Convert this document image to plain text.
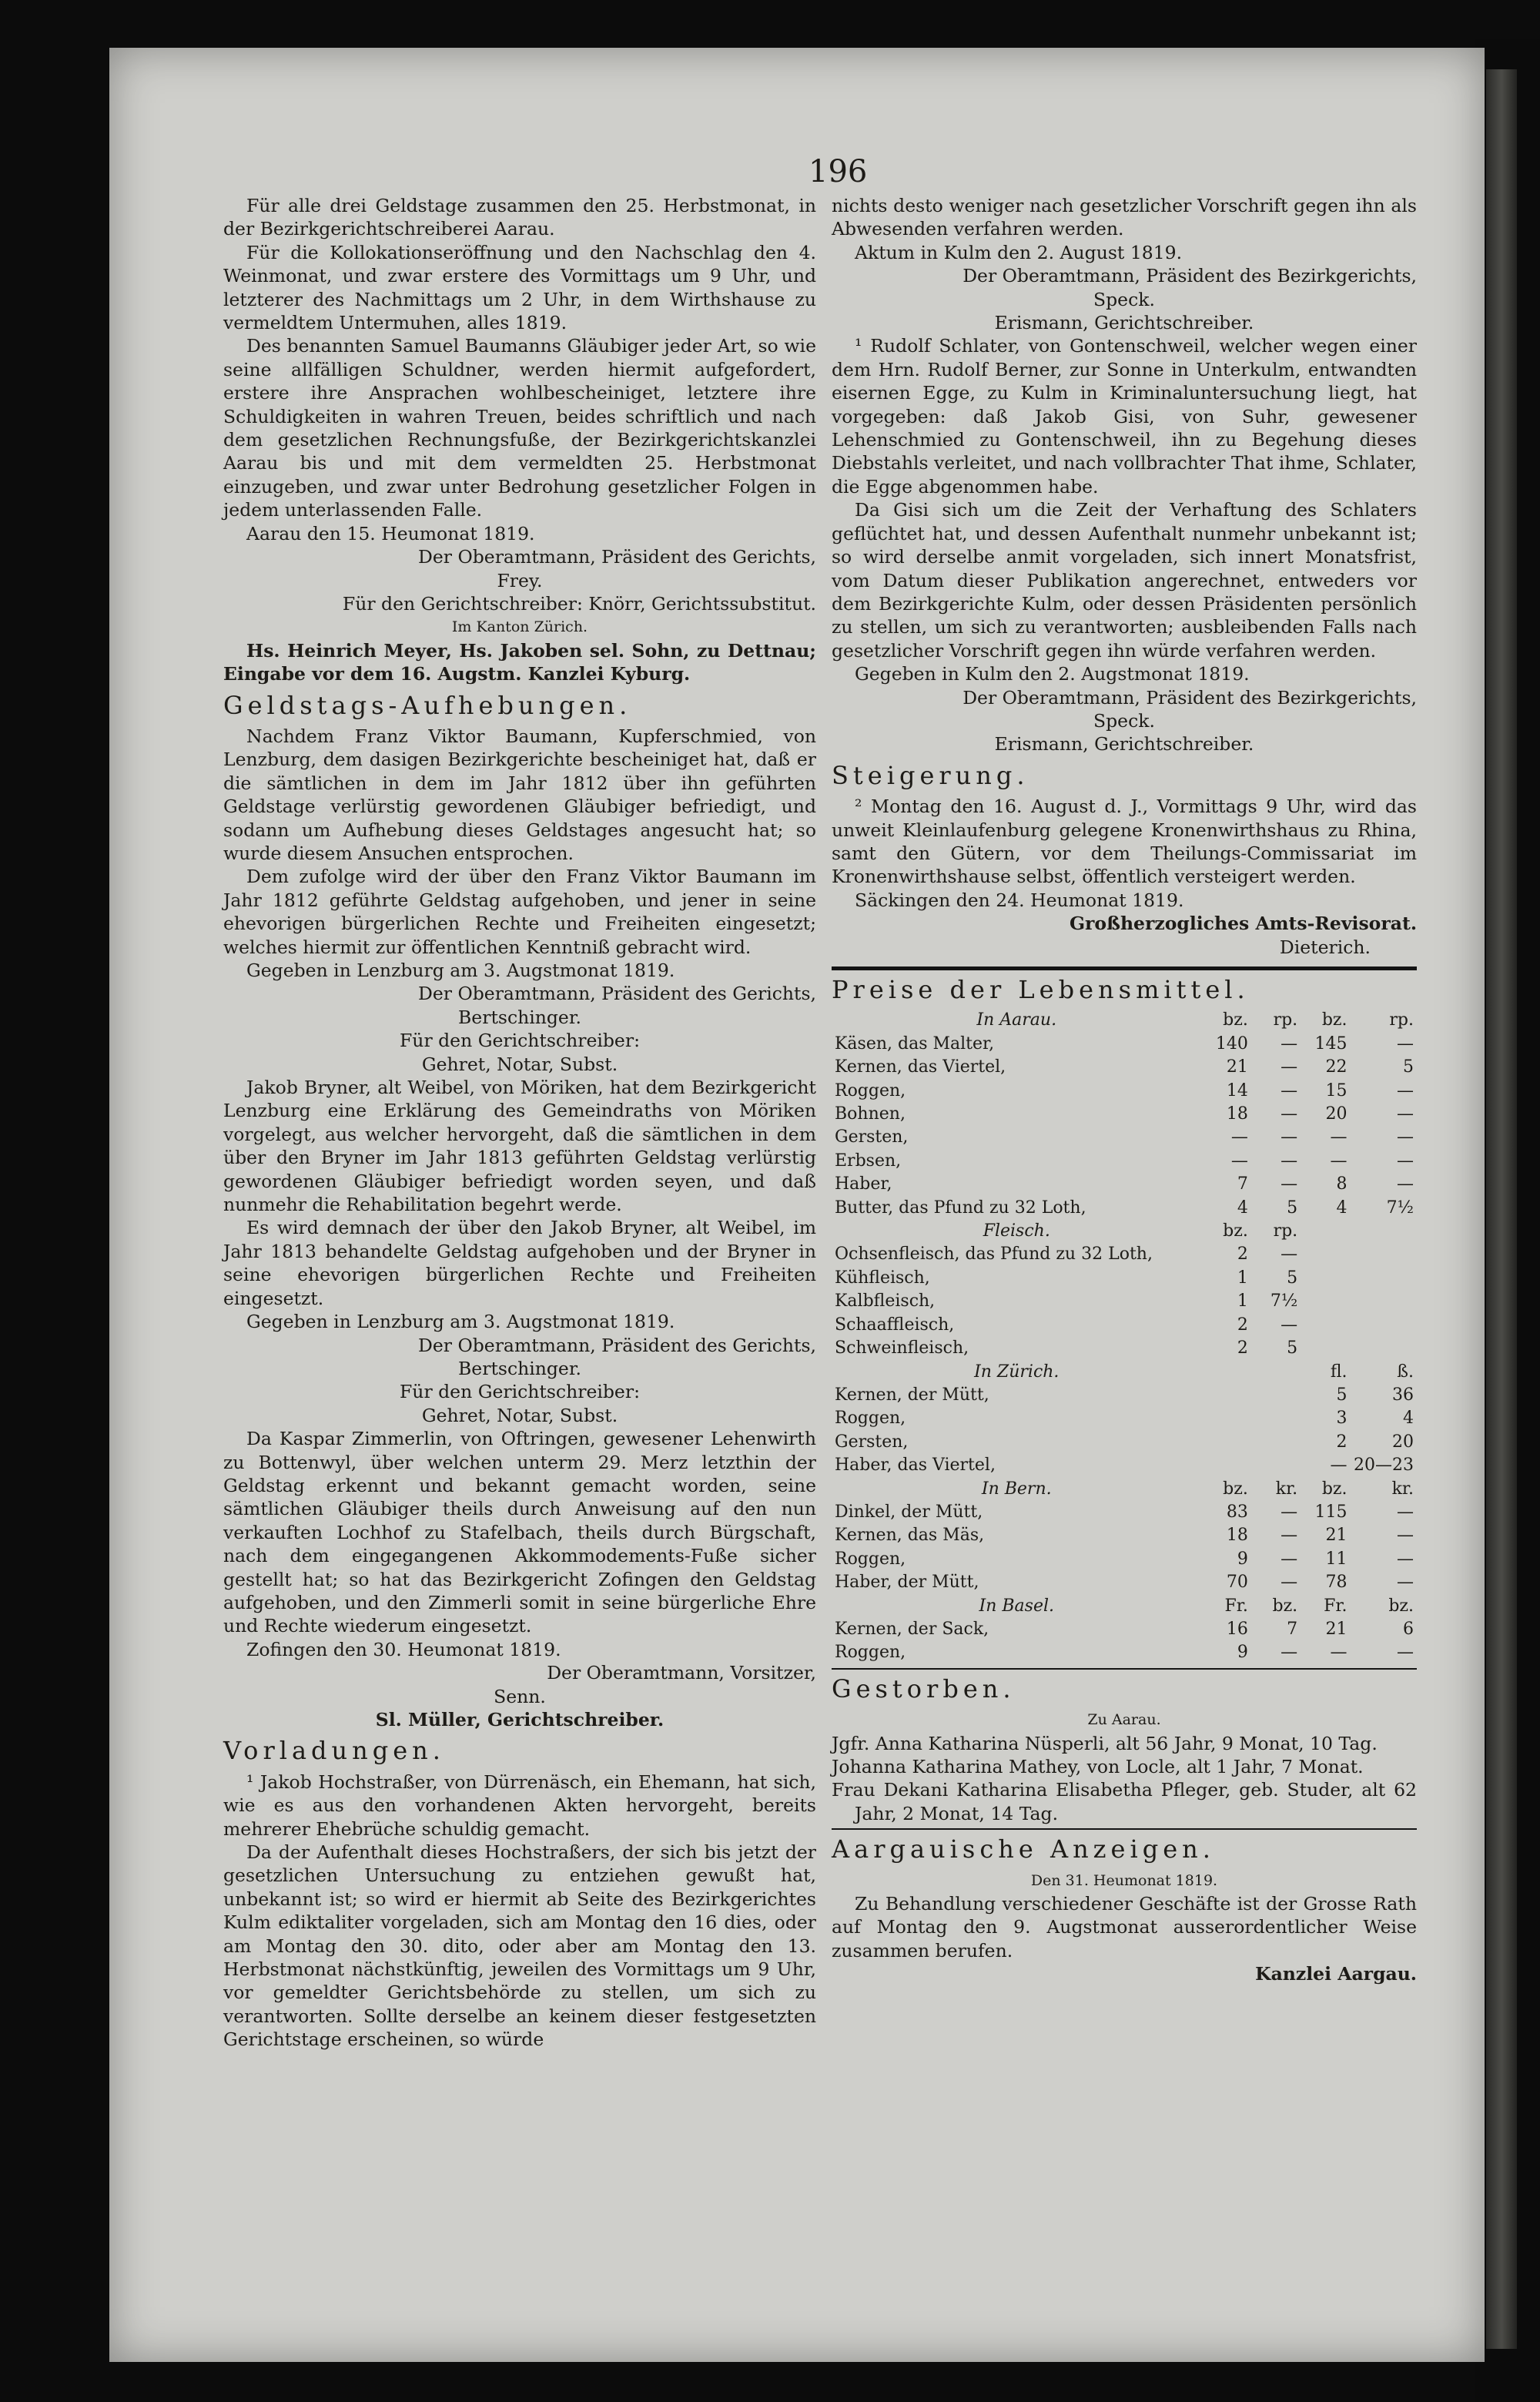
196

Für alle drei Geldstage zusammen den 25. Herbstmonat, in der Bezirkgerichtschreiberei Aarau.

Für die Kollokationseröffnung und den Nachschlag den 4. Weinmonat, und zwar erstere des Vormittags um 9 Uhr, und letzterer des Nachmittags um 2 Uhr, in dem Wirthshause zu vermeldtem Untermuhen, alles 1819.

Des benannten Samuel Baumanns Gläubiger jeder Art, so wie seine allfälligen Schuldner, werden hiermit aufgefordert, erstere ihre Ansprachen wohlbescheiniget, letztere ihre Schuldigkeiten in wahren Treuen, beides schriftlich und nach dem gesetzlichen Rechnungsfuße, der Bezirkgerichtskanzlei Aarau bis und mit dem vermeldten 25. Herbstmonat einzugeben, und zwar unter Bedrohung gesetzlicher Folgen in jedem unterlassenden Falle.

Aarau den 15. Heumonat 1819.

Der Oberamtmann, Präsident des Gerichts,

Frey.

Für den Gerichtschreiber: Knörr, Gerichtssubstitut.

Im Kanton Zürich.

Hs. Heinrich Meyer, Hs. Jakoben sel. Sohn, zu Dettnau; Eingabe vor dem 16. Augstm. Kanzlei Kyburg.

Geldstags-Aufhebungen.

Nachdem Franz Viktor Baumann, Kupferschmied, von Lenzburg, dem dasigen Bezirkgerichte bescheiniget hat, daß er die sämtlichen in dem im Jahr 1812 über ihn geführten Geldstage verlürstig gewordenen Gläubiger befriedigt, und sodann um Aufhebung dieses Geldstages angesucht hat; so wurde diesem Ansuchen entsprochen.

Dem zufolge wird der über den Franz Viktor Baumann im Jahr 1812 geführte Geldstag aufgehoben, und jener in seine ehevorigen bürgerlichen Rechte und Freiheiten eingesetzt; welches hiermit zur öffentlichen Kenntniß gebracht wird.

Gegeben in Lenzburg am 3. Augstmonat 1819.

Der Oberamtmann, Präsident des Gerichts,

Bertschinger.

Für den Gerichtschreiber:

Gehret, Notar, Subst.

Jakob Bryner, alt Weibel, von Möriken, hat dem Bezirkgericht Lenzburg eine Erklärung des Gemeindraths von Möriken vorgelegt, aus welcher hervorgeht, daß die sämtlichen in dem über den Bryner im Jahr 1813 geführten Geldstag verlürstig gewordenen Gläubiger befriedigt worden seyen, und daß nunmehr die Rehabilitation begehrt werde.

Es wird demnach der über den Jakob Bryner, alt Weibel, im Jahr 1813 behandelte Geldstag aufgehoben und der Bryner in seine ehevorigen bürgerlichen Rechte und Freiheiten eingesetzt.

Gegeben in Lenzburg am 3. Augstmonat 1819.

Der Oberamtmann, Präsident des Gerichts,

Bertschinger.

Für den Gerichtschreiber:

Gehret, Notar, Subst.

Da Kaspar Zimmerlin, von Oftringen, gewesener Lehenwirth zu Bottenwyl, über welchen unterm 29. Merz letzthin der Geldstag erkennt und bekannt gemacht worden, seine sämtlichen Gläubiger theils durch Anweisung auf den nun verkauften Lochhof zu Stafelbach, theils durch Bürgschaft, nach dem eingegangenen Akkommodements-Fuße sicher gestellt hat; so hat das Bezirkgericht Zofingen den Geldstag aufgehoben, und den Zimmerli somit in seine bürgerliche Ehre und Rechte wiederum eingesetzt.

Zofingen den 30. Heumonat 1819.

Der Oberamtmann, Vorsitzer,

Senn.

Sl. Müller, Gerichtschreiber.

Vorladungen.

¹ Jakob Hochstraßer, von Dürrenäsch, ein Ehemann, hat sich, wie es aus den vorhandenen Akten hervorgeht, bereits mehrerer Ehebrüche schuldig gemacht.

Da der Aufenthalt dieses Hochstraßers, der sich bis jetzt der gesetzlichen Untersuchung zu entziehen gewußt hat, unbekannt ist; so wird er hiermit ab Seite des Bezirkgerichtes Kulm ediktaliter vorgeladen, sich am Montag den 16 dies, oder am Montag den 30. dito, oder aber am Montag den 13. Herbstmonat nächstkünftig, jeweilen des Vormittags um 9 Uhr, vor gemeldter Gerichtsbehörde zu stellen, um sich zu verantworten. Sollte derselbe an keinem dieser festgesetzten Gerichtstage erscheinen, so würde

nichts desto weniger nach gesetzlicher Vorschrift gegen ihn als Abwesenden verfahren werden.

Aktum in Kulm den 2. August 1819.

Der Oberamtmann, Präsident des Bezirkgerichts,

Speck.

Erismann, Gerichtschreiber.

¹ Rudolf Schlater, von Gontenschweil, welcher wegen einer dem Hrn. Rudolf Berner, zur Sonne in Unterkulm, entwandten eisernen Egge, zu Kulm in Kriminaluntersuchung liegt, hat vorgegeben: daß Jakob Gisi, von Suhr, gewesener Lehenschmied zu Gontenschweil, ihn zu Begehung dieses Diebstahls verleitet, und nach vollbrachter That ihme, Schlater, die Egge abgenommen habe.

Da Gisi sich um die Zeit der Verhaftung des Schlaters geflüchtet hat, und dessen Aufenthalt nunmehr unbekannt ist; so wird derselbe anmit vorgeladen, sich innert Monatsfrist, vom Datum dieser Publikation angerechnet, entweders vor dem Bezirkgerichte Kulm, oder dessen Präsidenten persönlich zu stellen, um sich zu verantworten; ausbleibenden Falls nach gesetzlicher Vorschrift gegen ihn würde verfahren werden.

Gegeben in Kulm den 2. Augstmonat 1819.

Der Oberamtmann, Präsident des Bezirkgerichts,

Speck.

Erismann, Gerichtschreiber.

Steigerung.

² Montag den 16. August d. J., Vormittags 9 Uhr, wird das unweit Kleinlaufenburg gelegene Kronenwirthshaus zu Rhina, samt den Gütern, vor dem Theilungs-Commissariat im Kronenwirthshause selbst, öffentlich versteigert werden.

Säckingen den 24. Heumonat 1819.

Großherzogliches Amts-Revisorat.

Dieterich.

Preise der Lebensmittel.

In Aarau.	bz.	rp.	bz.	rp.
Käsen, das Malter,	140	—	145	—
Kernen, das Viertel,	21	—	22	5
Roggen,	14	—	15	—
Bohnen,	18	—	20	—
Gersten,	—	—	—	—
Erbsen,	—	—	—	—
Haber,	7	—	8	—
Butter, das Pfund zu 32 Loth,	4	5	4	7½
Fleisch.	bz.	rp.		
Ochsenfleisch, das Pfund zu 32 Loth,	2	—		
Kühfleisch,	1	5		
Kalbfleisch,	1	7½		
Schaaffleisch,	2	—		
Schweinfleisch,	2	5		
In Zürich.			fl.	ß.
Kernen, der Mütt,			5	36
Roggen,			3	4
Gersten,			2	20
Haber, das Viertel,			—	20—23
In Bern.	bz.	kr.	bz.	kr.
Dinkel, der Mütt,	83	—	115	—
Kernen, das Mäs,	18	—	21	—
Roggen,	9	—	11	—
Haber, der Mütt,	70	—	78	—
In Basel.	Fr.	bz.	Fr.	bz.
Kernen, der Sack,	16	7	21	6
Roggen,	9	—	—	—

Gestorben.

Zu Aarau.

Jgfr. Anna Katharina Nüsperli, alt 56 Jahr, 9 Monat, 10 Tag.

Johanna Katharina Mathey, von Locle, alt 1 Jahr, 7 Monat.

Frau Dekani Katharina Elisabetha Pfleger, geb. Studer, alt 62 Jahr, 2 Monat, 14 Tag.

Aargauische Anzeigen.

Den 31. Heumonat 1819.

Zu Behandlung verschiedener Geschäfte ist der Grosse Rath auf Montag den 9. Augstmonat ausserordentlicher Weise zusammen berufen.

Kanzlei Aargau.
